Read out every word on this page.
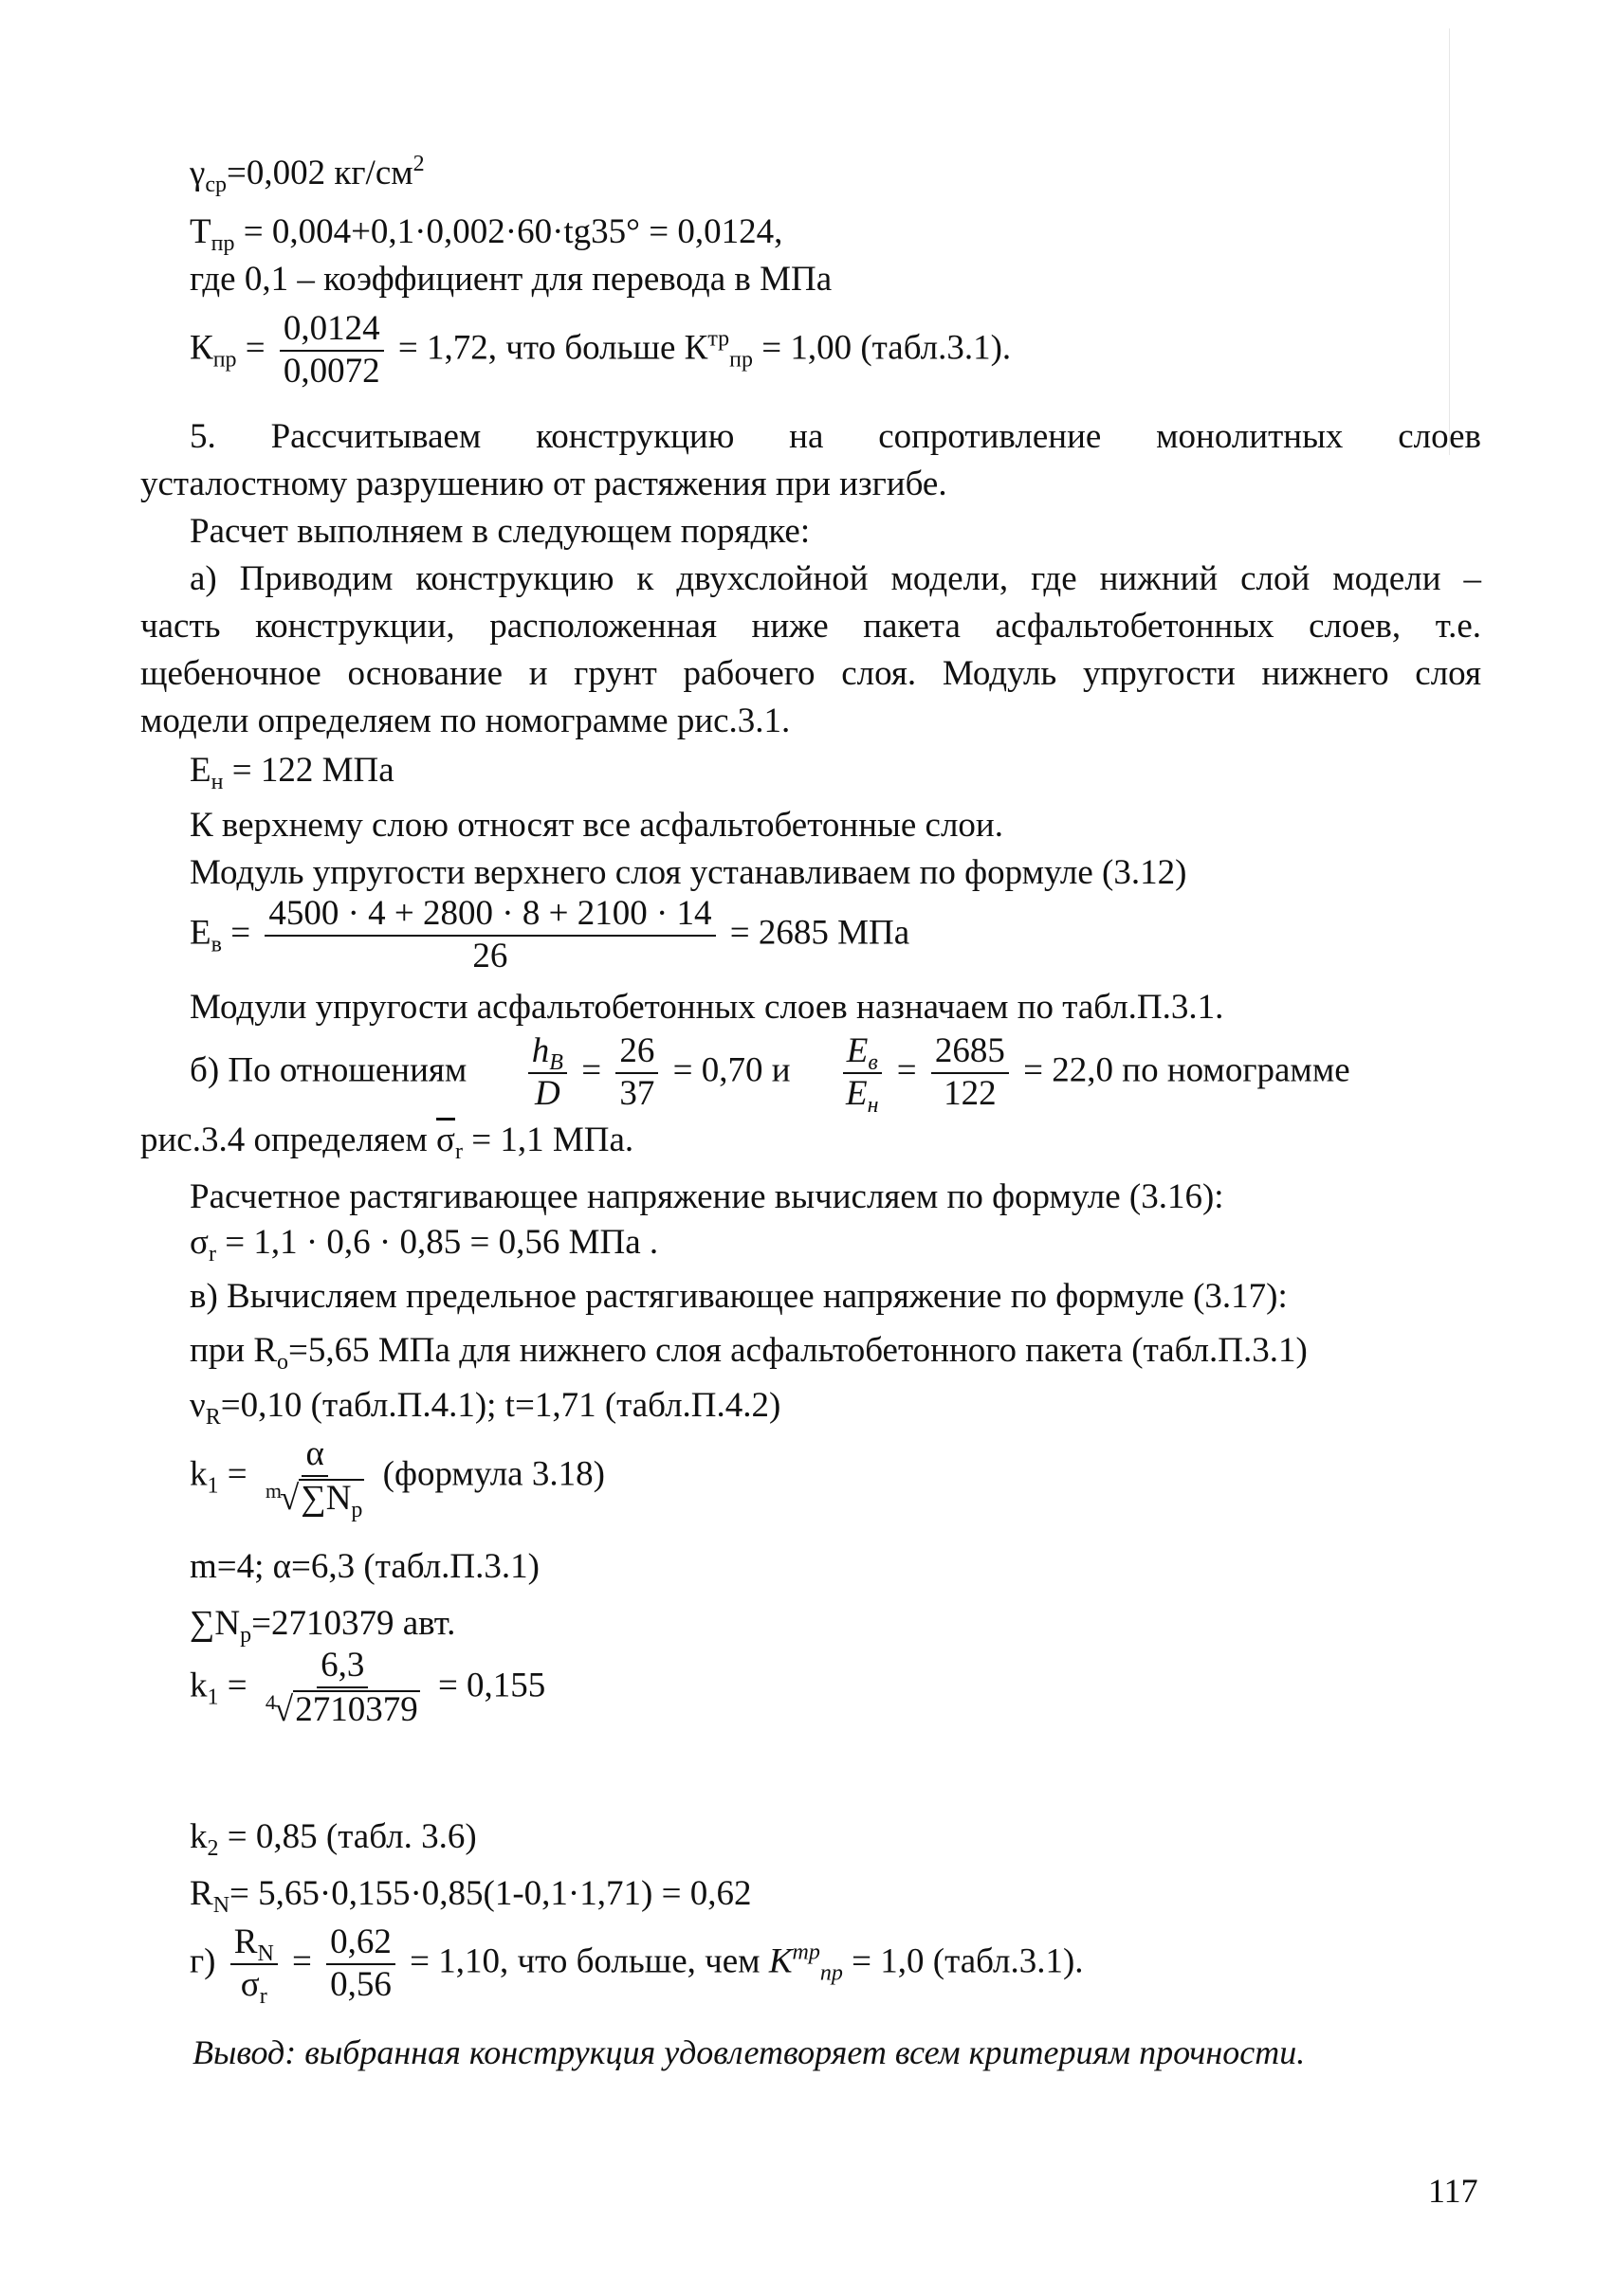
$\gamma_{ср}=0,002$ $кг/см^2$
$Т_{пр} = 0,004+0,1\cdot 0,002\cdot 60\cdot tg35^\circ = 0,0124$,
где 0,1 – коэффициент для перевода в МПа
$К_{пр} = \frac{0,0124}{0,0072} = 1,72$, что больше $К^{тр}_{пр} = 1,00$ (табл.3.1).
5. Рассчитываем конструкцию на сопротивление монолитных слоев
усталостному разрушению от растяжения при изгибе.
Расчет выполняем в следующем порядке:
а) Приводим конструкцию к двухслойной модели, где нижний слой модели –
часть конструкции, расположенная ниже пакета асфальтобетонных слоев, т.е.
щебеночное основание и грунт рабочего слоя. Модуль упругости нижнего слоя
модели определяем по номограмме рис.3.1.
$Е_н = 122$ МПа
К верхнему слою относят все асфальтобетонные слои.
Модуль упругости верхнего слоя устанавливаем по формуле (3.12)
$Е_в = \frac{4500 \cdot 4 + 2800 \cdot 8 + 2100 \cdot 14}{26} = 2685$ МПа
Модули упругости асфальтобетонных слоев назначаем по табл.П.3.1.
б) По отношениям $\frac{h_B}{D} = \frac{26}{37} = 0,70$ и $\frac{E_в}{E_н} = \frac{2685}{122} = 22,0$ по номограмме
рис.3.4 определяем $\overline{\sigma}_r = 1,1$ МПа.
Расчетное растягивающее напряжение вычисляем по формуле (3.16):
$\sigma_r = 1,1 \cdot 0,6 \cdot 0,85 = 0,56$ МПа .
в) Вычисляем предельное растягивающее напряжение по формуле (3.17):
при $R_o=5,65$ МПа для нижнего слоя асфальтобетонного пакета (табл.П.3.1)
$\nu_R=0,10$ (табл.П.4.1); t=1,71 (табл.П.4.2)
$k_1 = \frac{\alpha}{^m√\sum N_p}$ (формула 3.18)
m=4; α=6,3 (табл.П.3.1)
$\sum N_p=2710379$ авт.
$k_1 = \frac{6,3}{^4√2710379} = 0,155$
$k_2 = 0,85$ (табл. 3.6)
$R_N= 5,65\cdot 0,155\cdot 0,85(1-0,1\cdot 1,71) = 0,62$
$г) \frac{R_N}{\sigma_r} = \frac{0,62}{0,56} = 1,10$, что больше, чем $K^{тр}_{пр} = 1,0$ (табл.3.1).
Вывод: выбранная конструкция удовлетворяет всем критериям прочности.
117
